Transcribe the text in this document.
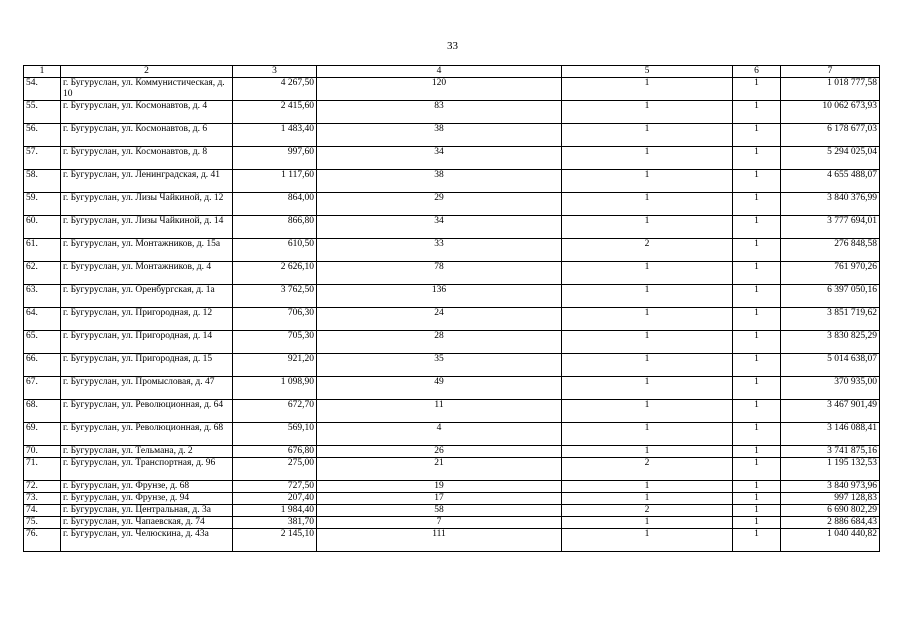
33
1	2	3	4	5	6	7
54.	г. Бугуруслан, ул. Коммунистическая, д. 10	4 267,50	120	1	1	1 018 777,58
55.	г. Бугуруслан, ул. Космонавтов, д. 4	2 415,60	83	1	1	10 062 673,93
56.	г. Бугуруслан, ул. Космонавтов, д. 6	1 483,40	38	1	1	6 178 677,03
57.	г. Бугуруслан, ул. Космонавтов, д. 8	997,60	34	1	1	5 294 025,04
58.	г. Бугуруслан, ул. Ленинградская, д. 41	1 117,60	38	1	1	4 655 488,07
59.	г. Бугуруслан, ул. Лизы Чайкиной, д. 12	864,00	29	1	1	3 840 376,99
60.	г. Бугуруслан, ул. Лизы Чайкиной, д. 14	866,80	34	1	1	3 777 694,01
61.	г. Бугуруслан, ул. Монтажников, д. 15а	610,50	33	2	1	276 848,58
62.	г. Бугуруслан, ул. Монтажников, д. 4	2 626,10	78	1	1	761 970,26
63.	г. Бугуруслан, ул. Оренбургская, д. 1а	3 762,50	136	1	1	6 397 050,16
64.	г. Бугуруслан, ул. Пригородная, д. 12	706,30	24	1	1	3 851 719,62
65.	г. Бугуруслан, ул. Пригородная, д. 14	705,30	28	1	1	3 830 825,29
66.	г. Бугуруслан, ул. Пригородная, д. 15	921,20	35	1	1	5 014 638,07
67.	г. Бугуруслан, ул. Промысловая, д. 47	1 098,90	49	1	1	370 935,00
68.	г. Бугуруслан, ул. Революционная, д. 64	672,70	11	1	1	3 467 901,49
69.	г. Бугуруслан, ул. Революционная, д. 68	569,10	4	1	1	3 146 088,41
70.	г. Бугуруслан, ул. Тельмана, д. 2	676,80	26	1	1	3 741 875,16
71.	г. Бугуруслан, ул. Транспортная, д. 96	275,00	21	2	1	1 195 132,53
72.	г. Бугуруслан, ул. Фрунзе, д. 68	727,50	19	1	1	3 840 973,96
73.	г. Бугуруслан, ул. Фрунзе, д. 94	207,40	17	1	1	997 128,83
74.	г. Бугуруслан, ул. Центральная, д. 3а	1 984,40	58	2	1	6 690 802,29
75.	г. Бугуруслан, ул. Чапаевская, д. 74	381,70	7	1	1	2 886 684,43
76.	г. Бугуруслан, ул. Челюскина, д. 43а	2 145,10	111	1	1	1 040 440,82
